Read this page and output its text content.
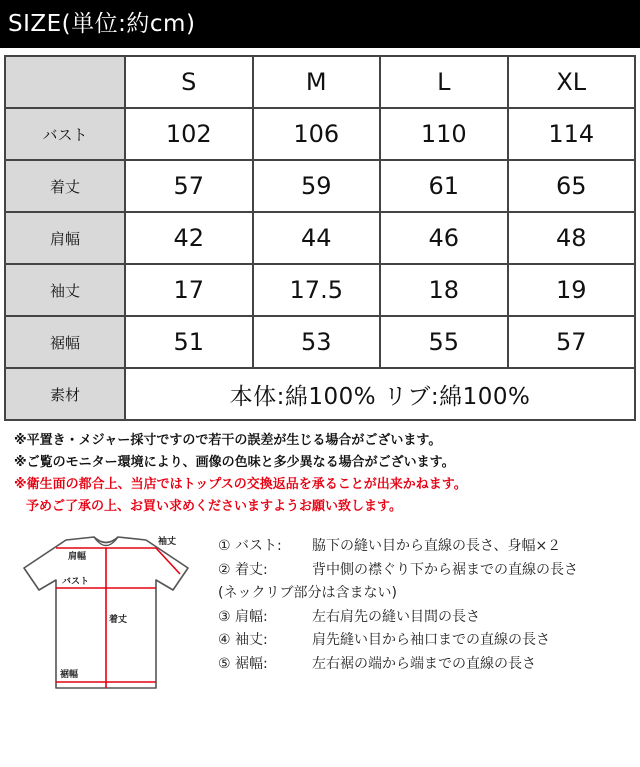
SIZE(単位:約cm)
	S	M	L	XL
バスト	102	106	110	114
着丈	57	59	61	65
肩幅	42	44	46	48
袖丈	17	17.5	18	19
裾幅	51	53	55	57
素材	本体:綿100% リブ:綿100%			
※平置き・メジャー採寸ですので若干の誤差が生じる場合がございます。
※ご覧のモニター環境により、画像の色味と多少異なる場合がございます。
※衛生面の都合上、当店ではトップスの交換返品を承ることが出来かねます。
予めご了承の上、お買い求めくださいますようお願い致します。
肩幅
袖丈
バスト
着丈
裾幅
① バスト:	脇下の縫い目から直線の長さ、身幅×２
② 着丈:	背中側の襟ぐり下から裾までの直線の長さ
(ネックリブ部分は含まない)
③ 肩幅:	左右肩先の縫い目間の長さ
④ 袖丈:	肩先縫い目から袖口までの直線の長さ
⑤ 裾幅:	左右裾の端から端までの直線の長さ
